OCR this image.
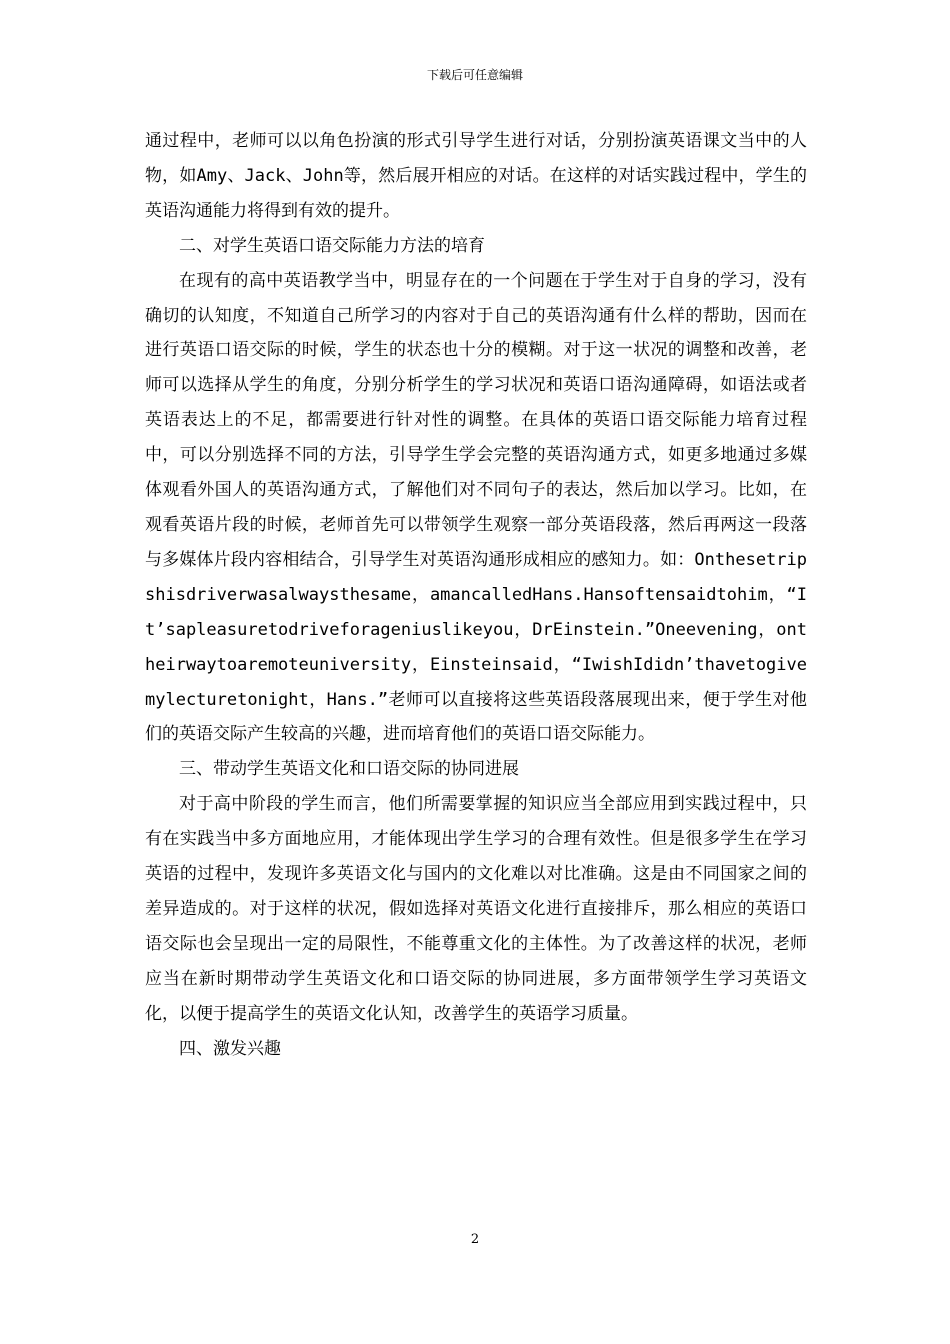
下载后可任意编辑

通过程中，老师可以以角色扮演的形式引导学生进行对话，分别扮演英语课文当中的人物，如Amy、Jack、John等，然后展开相应的对话。在这样的对话实践过程中，学生的英语沟通能力将得到有效的提升。

二、对学生英语口语交际能力方法的培育

在现有的高中英语教学当中，明显存在的一个问题在于学生对于自身的学习，没有确切的认知度，不知道自己所学习的内容对于自己的英语沟通有什么样的帮助，因而在进行英语口语交际的时候，学生的状态也十分的模糊。对于这一状况的调整和改善，老师可以选择从学生的角度，分别分析学生的学习状况和英语口语沟通障碍，如语法或者英语表达上的不足，都需要进行针对性的调整。在具体的英语口语交际能力培育过程中，可以分别选择不同的方法，引导学生学会完整的英语沟通方式，如更多地通过多媒体观看外国人的英语沟通方式，了解他们对不同句子的表达，然后加以学习。比如，在观看英语片段的时候，老师首先可以带领学生观察一部分英语段落，然后再两这一段落与多媒体片段内容相结合，引导学生对英语沟通形成相应的感知力。如：Onthesetripshisdriverwasalwaysthesame，amancalledHans.Hansoftensaidtohim，“It’sapleasuretodriveforageniuslikeyou，DrEinstein.”Oneevening，ontheirwaytoaremoteuniversity，Einsteinsaid，“IwishIdidn’thavetogivemylecturetonight，Hans.”老师可以直接将这些英语段落展现出来，便于学生对他们的英语交际产生较高的兴趣，进而培育他们的英语口语交际能力。

三、带动学生英语文化和口语交际的协同进展

对于高中阶段的学生而言，他们所需要掌握的知识应当全部应用到实践过程中，只有在实践当中多方面地应用，才能体现出学生学习的合理有效性。但是很多学生在学习英语的过程中，发现许多英语文化与国内的文化难以对比准确。这是由不同国家之间的差异造成的。对于这样的状况，假如选择对英语文化进行直接排斥，那么相应的英语口语交际也会呈现出一定的局限性，不能尊重文化的主体性。为了改善这样的状况，老师应当在新时期带动学生英语文化和口语交际的协同进展，多方面带领学生学习英语文化，以便于提高学生的英语文化认知，改善学生的英语学习质量。

四、激发兴趣

2
